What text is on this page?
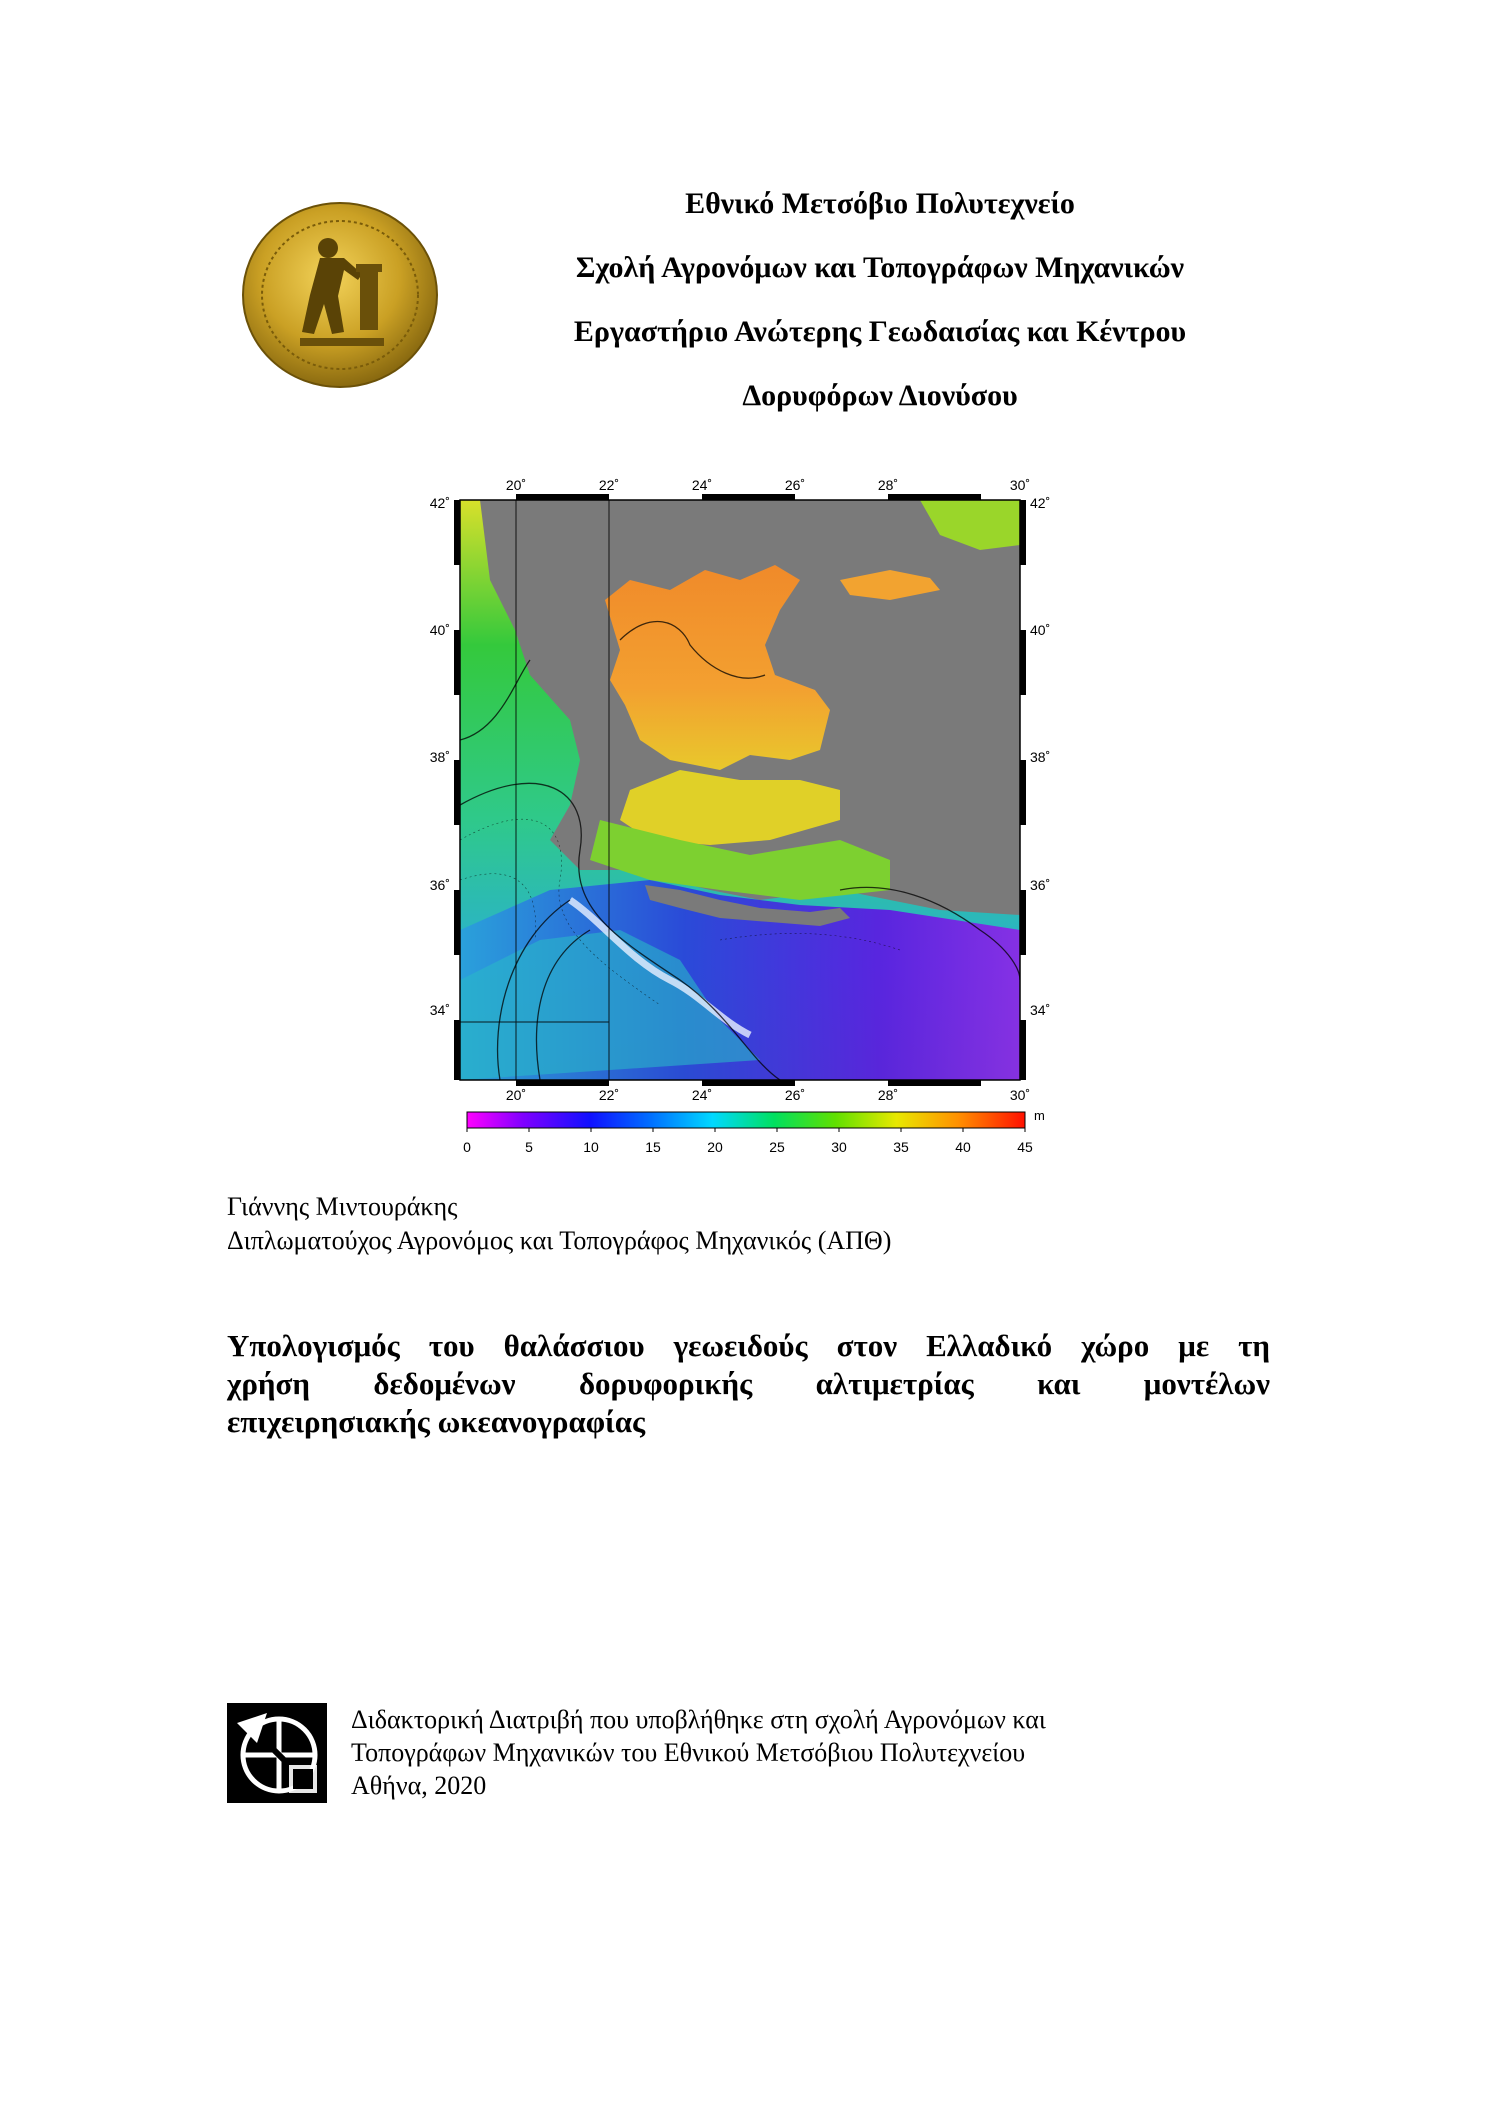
Εθνικό Μετσόβιο Πολυτεχνείο
Σχολή Αγρονόμων και Τοπογράφων Μηχανικών
Εργαστήριο Ανώτερης Γεωδαισίας και Κέντρου
Δορυφόρων Διονύσου
20˚	22˚	24˚	26˚	28˚	30˚
20˚	22˚	24˚	26˚	28˚	30˚
42˚
40˚
38˚
36˚
34˚
42˚
40˚
38˚
36˚
34˚
m
0	5	10	15	20	25	30	35	40	45
Γιάννης Μιντουράκης
Διπλωματούχος Αγρονόμος και Τοπογράφος Μηχανικός (ΑΠΘ)
Υπολογισμός του θαλάσσιου γεωειδούς στον Ελλαδικό χώρο με τη
χρήση δεδομένων δορυφορικής αλτιμετρίας και μοντέλων
επιχειρησιακής ωκεανογραφίας
Διδακτορική Διατριβή που υποβλήθηκε στη σχολή Αγρονόμων και
Τοπογράφων Μηχανικών του Εθνικού Μετσόβιου Πολυτεχνείου
Αθήνα, 2020
